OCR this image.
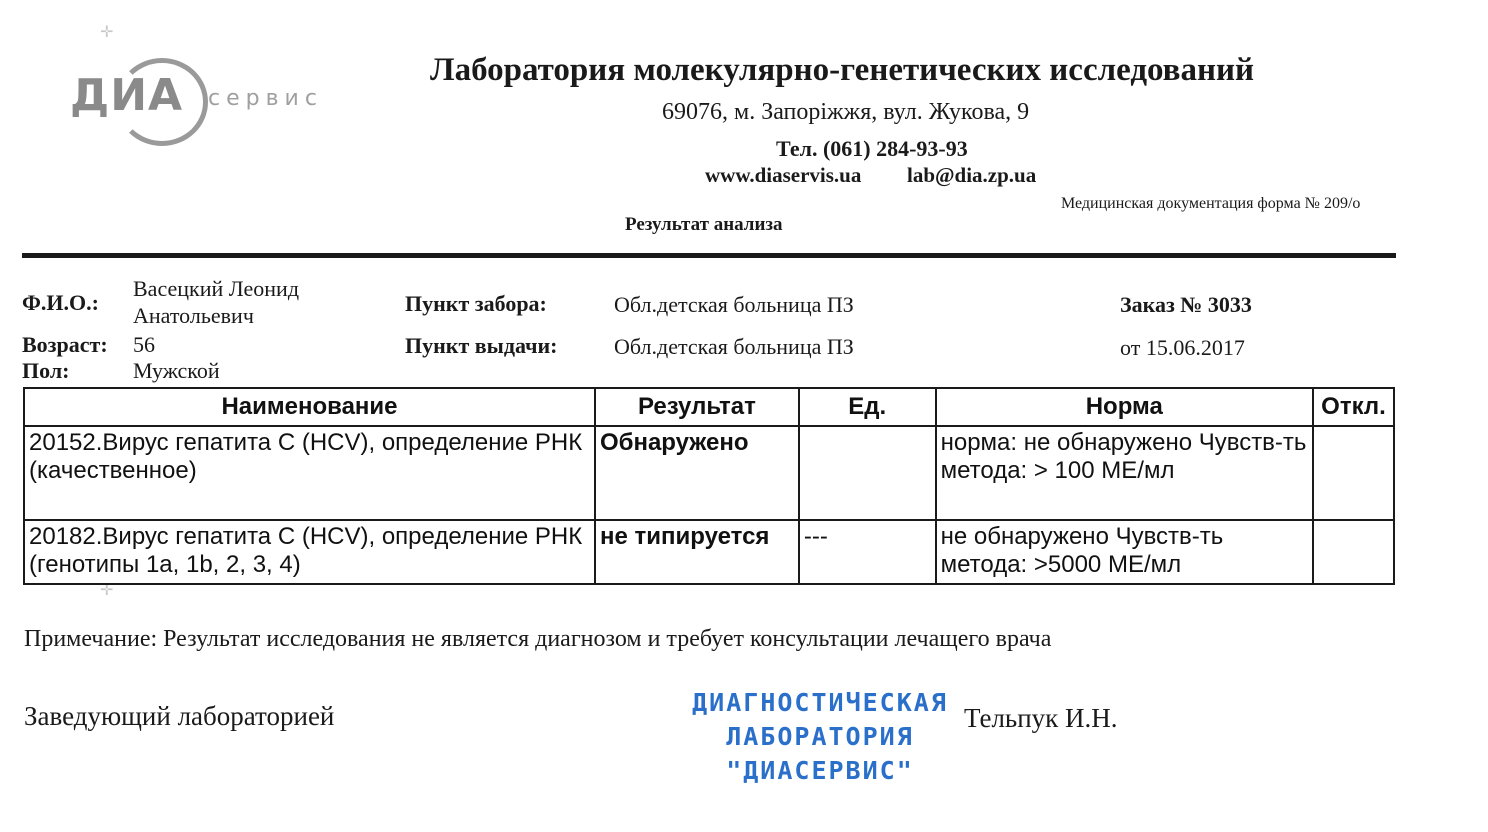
✛
✛
ДИА сервис
Лаборатория молекулярно-генетических исследований
69076, м. Запоріжжя, вул. Жукова, 9
Тел. (061) 284-93-93
www.diaservis.ua lab@dia.zp.ua
Медицинская документация форма № 209/о
Результат анализа
Ф.И.О.:
Васецкий Леонид
Анатольевич
Возраст: 56
Пол:	Мужской
Пункт забора:	Обл.детская больница ПЗ
Пункт выдачи:	Обл.детская больница ПЗ
Заказ № 3033
от 15.06.2017
Наименование	Результат	Ед.	Норма	Откл.
20152.Вирус гепатита С (HCV), определение РНК (качественное)	Обнаружено		норма: не обнаружено Чувств-ть метода: > 100 МЕ/мл	
20182.Вирус гепатита С (HCV), определение РНК (генотипы 1a, 1b, 2, 3, 4)	не типируется	---	не обнаружено Чувств-ть метода: >5000 МЕ/мл	
Примечание: Результат исследования не является диагнозом и требует консультации лечащего врача
Заведующий лабораторией	ДИАГНОСТИЧЕСКАЯ
ЛАБОРАТОРИЯ
"ДИАСЕРВИС"
Тельпук И.Н.
